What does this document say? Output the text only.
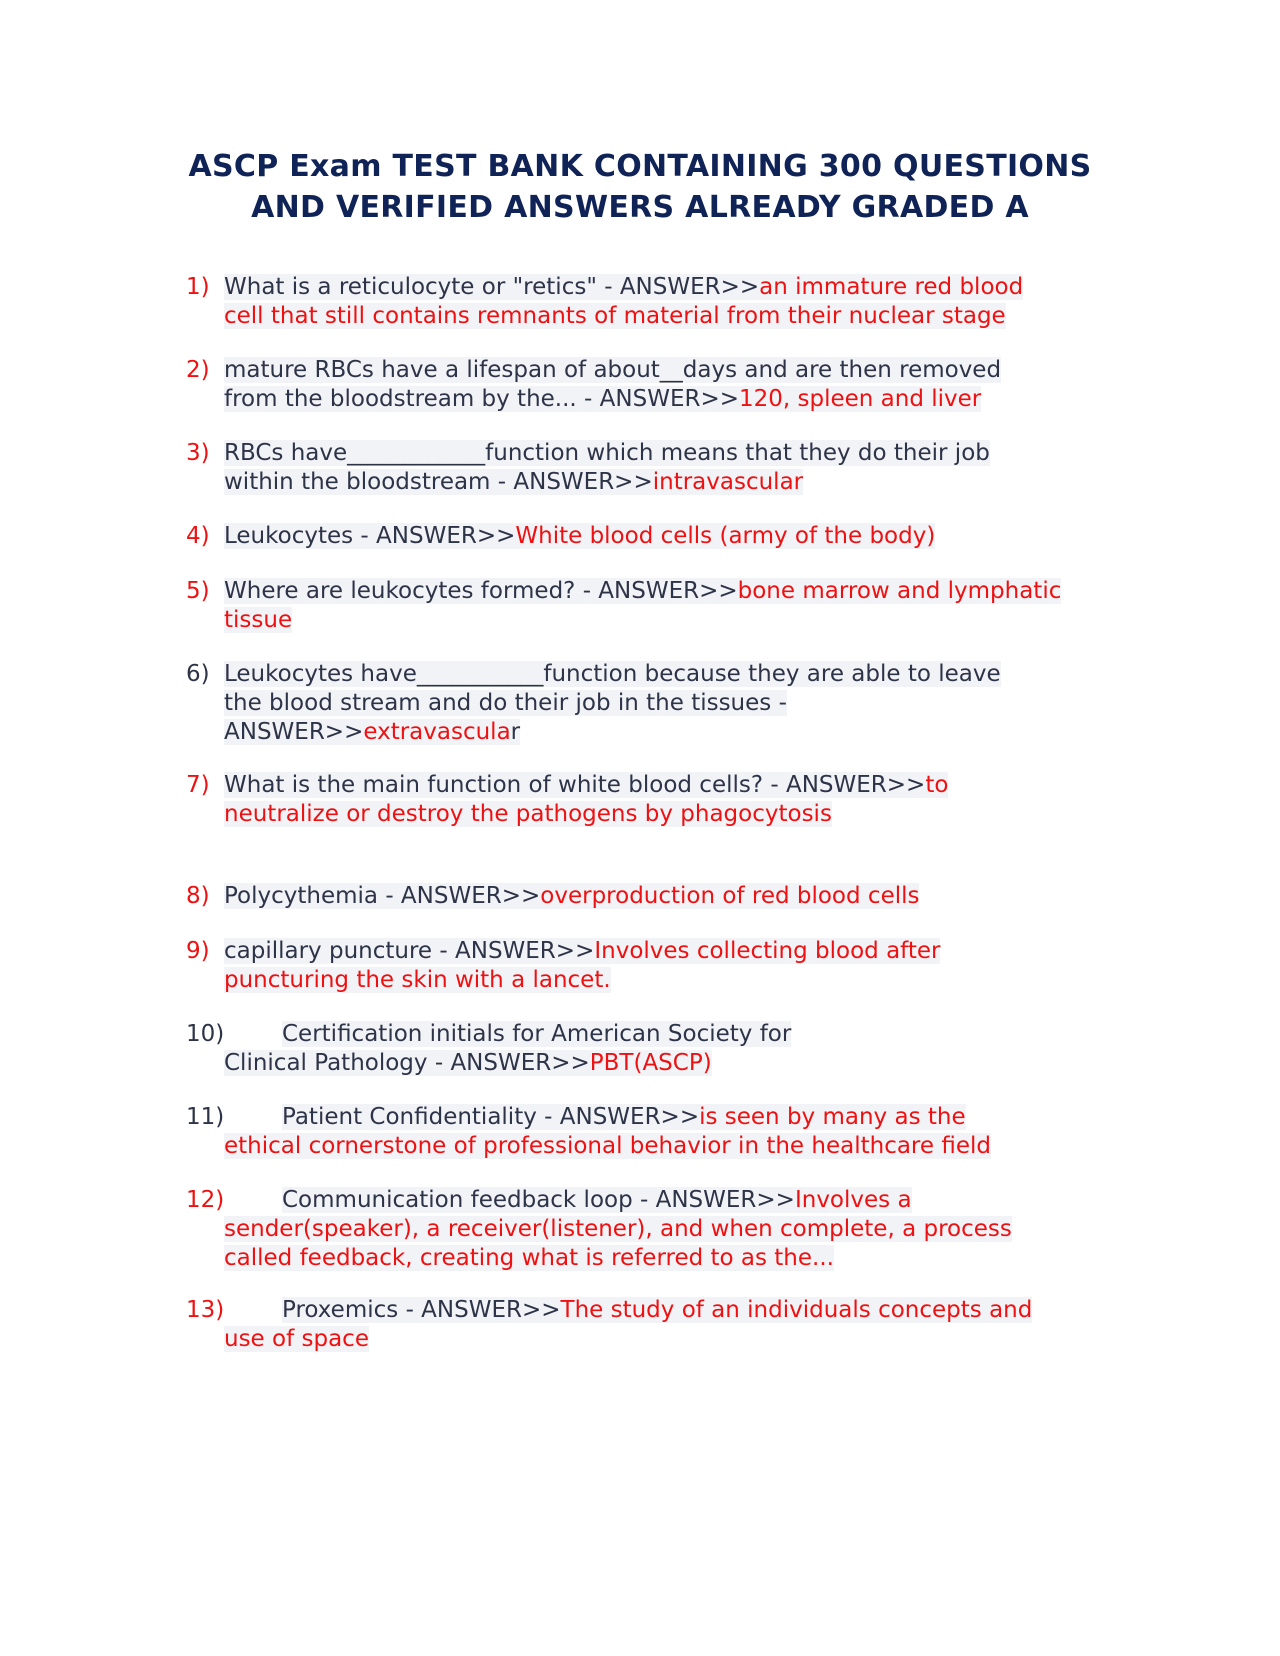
ASCP Exam TEST BANK CONTAINING 300 QUESTIONS
AND VERIFIED ANSWERS ALREADY GRADED A
1) What is a reticulocyte or "retics" - ANSWER>>an immature red blood
cell that still contains remnants of material from their nuclear stage
2) mature RBCs have a lifespan of about__days and are then removed
from the bloodstream by the... - ANSWER>>120, spleen and liver
3) RBCs have____________function which means that they do their job
within the bloodstream - ANSWER>>intravascular
4) Leukocytes - ANSWER>>White blood cells (army of the body)
5) Where are leukocytes formed? - ANSWER>>bone marrow and lymphatic
tissue
6) Leukocytes have___________function because they are able to leave
the blood stream and do their job in the tissues -
ANSWER>>extravascular
7) What is the main function of white blood cells? - ANSWER>>to
neutralize or destroy the pathogens by phagocytosis
8) Polycythemia - ANSWER>>overproduction of red blood cells
9) capillary puncture - ANSWER>>Involves collecting blood after
puncturing the skin with a lancet.
10)	Certification initials for American Society for
Clinical Pathology - ANSWER>>PBT(ASCP)
11)	Patient Confidentiality - ANSWER>>is seen by many as the
ethical cornerstone of professional behavior in the healthcare field
12)	Communication feedback loop - ANSWER>>Involves a
sender(speaker), a receiver(listener), and when complete, a process
called feedback, creating what is referred to as the...
13)	Proxemics - ANSWER>>The study of an individuals concepts and
use of space
